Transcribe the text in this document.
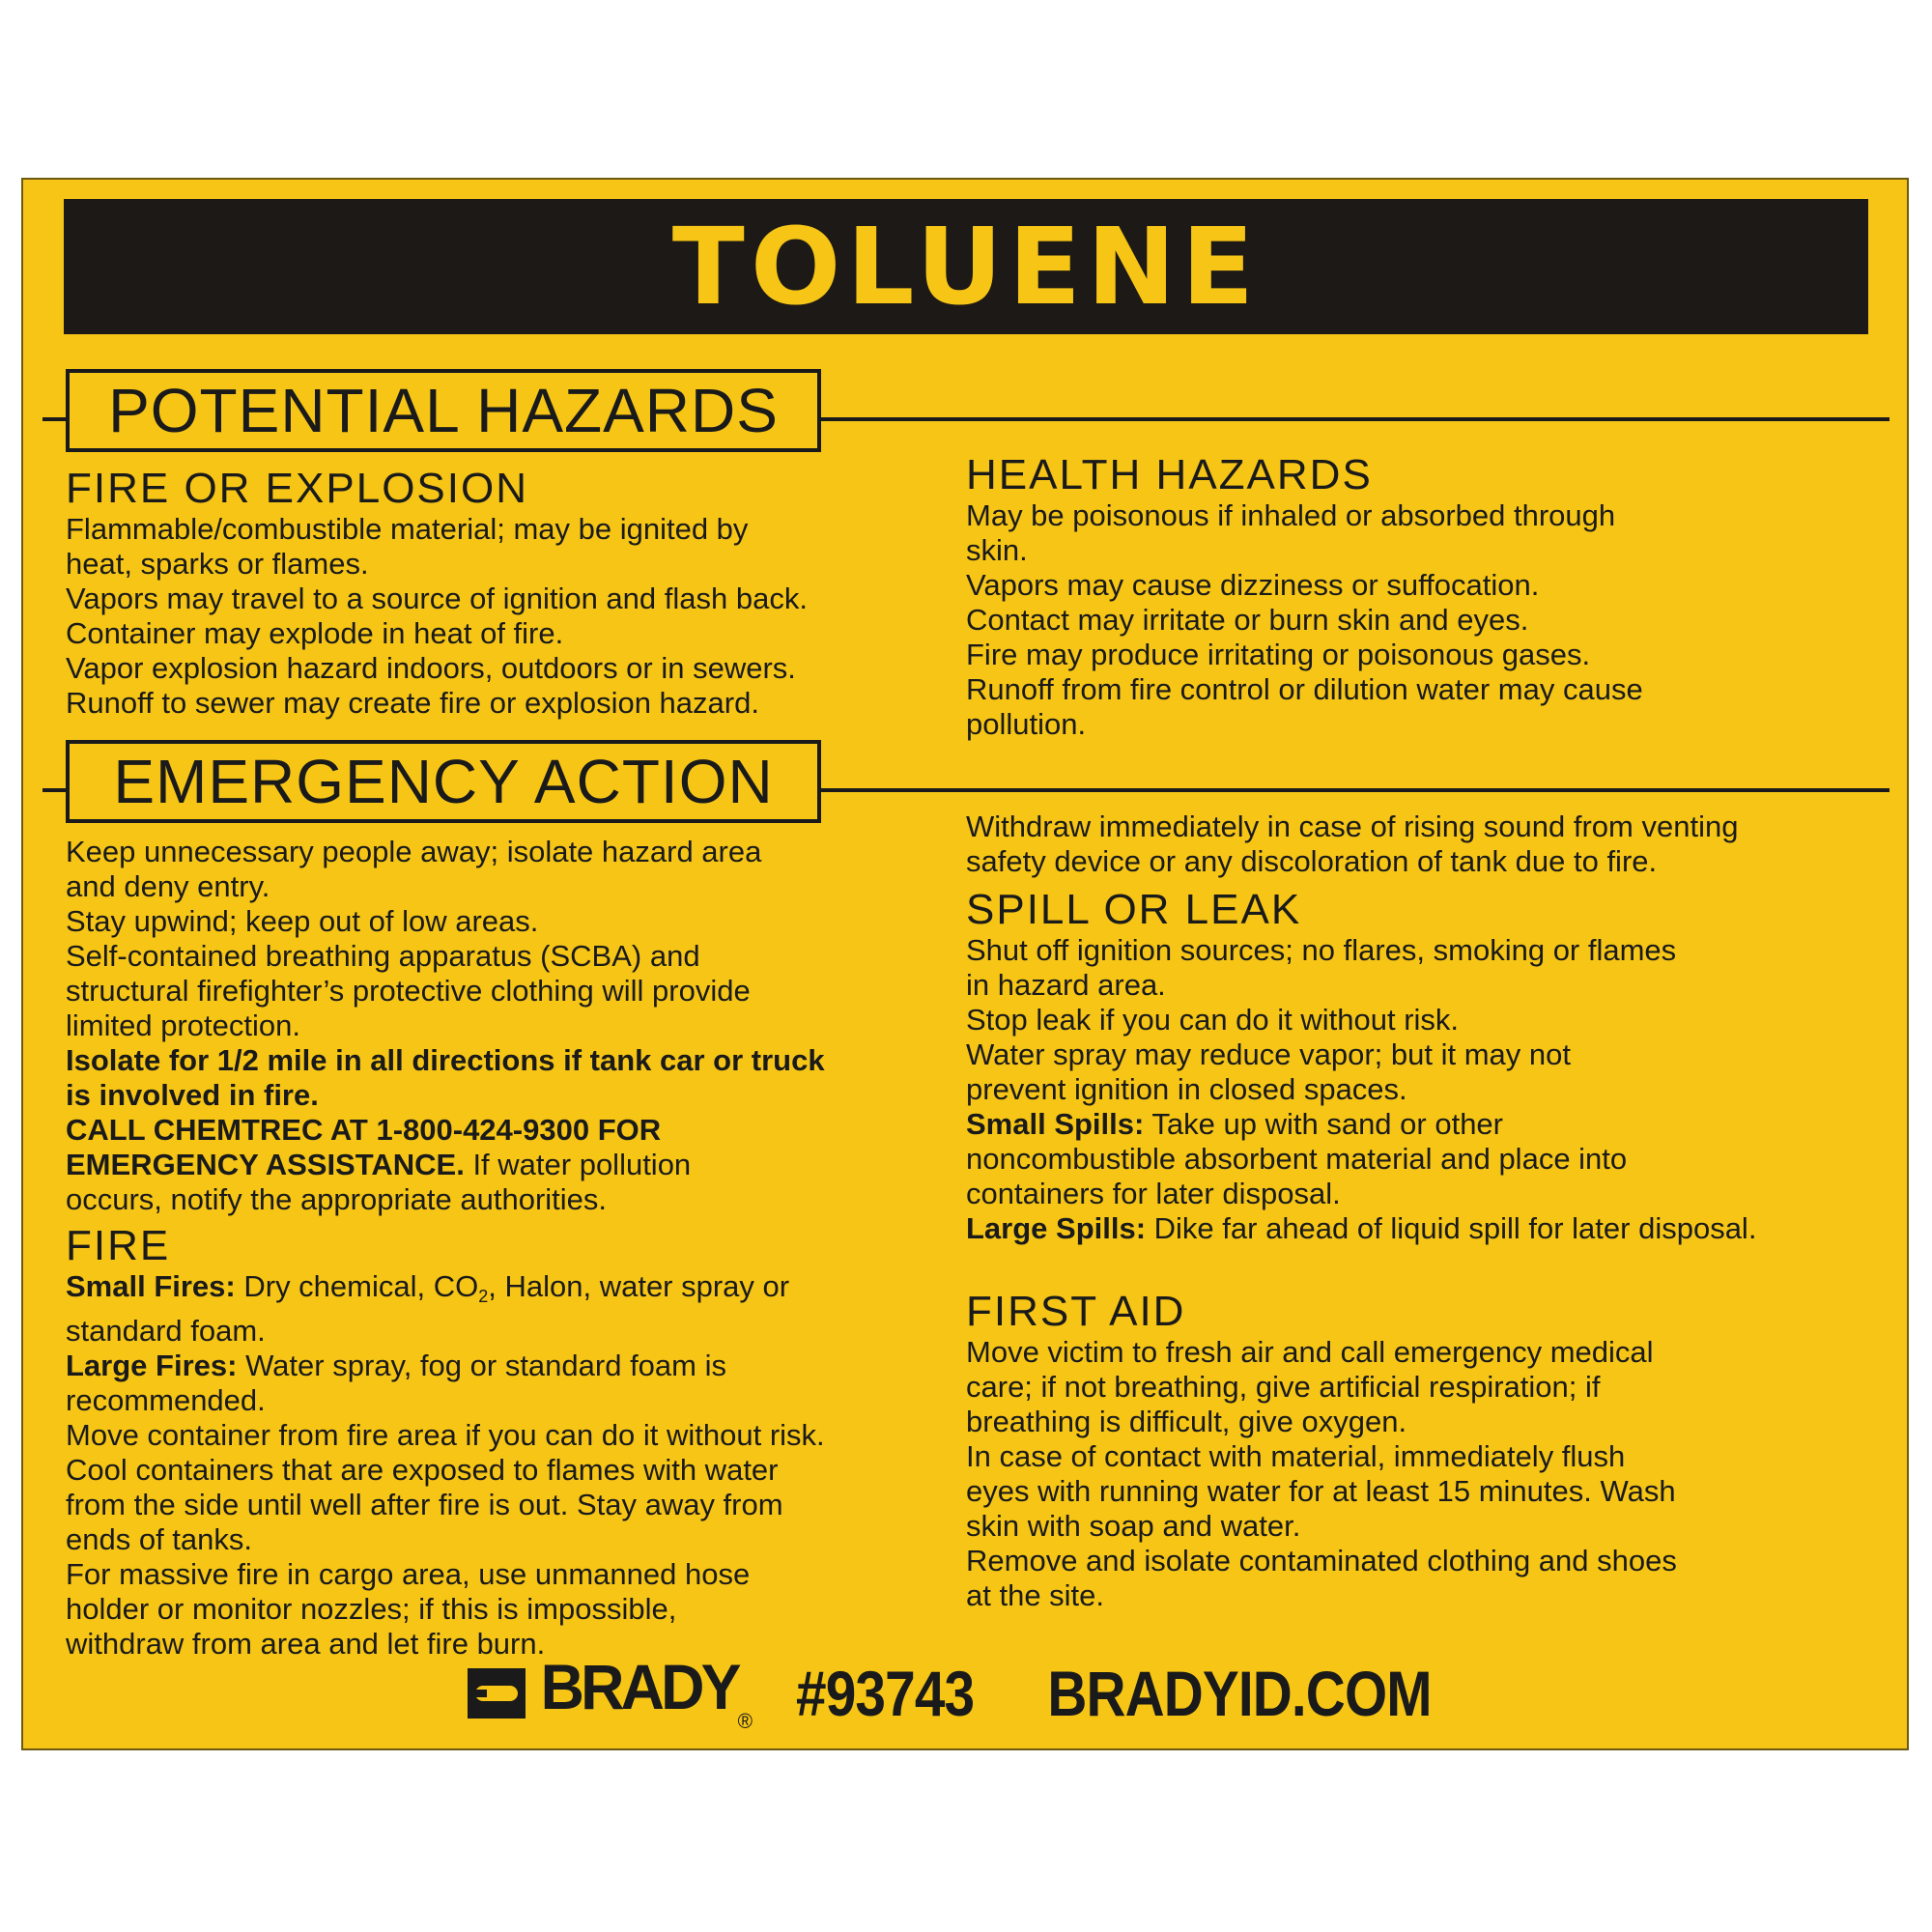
TOLUENE
POTENTIAL HAZARDS
FIRE OR EXPLOSION

Flammable/combustible material; may be ignited by

heat, sparks or flames.

Vapors may travel to a source of ignition and flash back.

Container may explode in heat of fire.

Vapor explosion hazard indoors, outdoors or in sewers.

Runoff to sewer may create fire or explosion hazard.

HEALTH HAZARDS

May be poisonous if inhaled or absorbed through

skin.

Vapors may cause dizziness or suffocation.

Contact may irritate or burn skin and eyes.

Fire may produce irritating or poisonous gases.

Runoff from fire control or dilution water may cause

pollution.

EMERGENCY ACTION

Keep unnecessary people away; isolate hazard area

and deny entry.

Stay upwind; keep out of low areas.

Self-contained breathing apparatus (SCBA) and

structural firefighter’s protective clothing will provide

limited protection.

Isolate for 1/2 mile in all directions if tank car or truck

is involved in fire.

CALL CHEMTREC AT 1-800-424-9300 FOR

EMERGENCY ASSISTANCE. If water pollution

occurs, notify the appropriate authorities.

FIRE

Small Fires: Dry chemical, $CO_2$, Halon, water spray or

standard foam.

Large Fires: Water spray, fog or standard foam is

recommended.

Move container from fire area if you can do it without risk.

Cool containers that are exposed to flames with water

from the side until well after fire is out. Stay away from

ends of tanks.

For massive fire in cargo area, use unmanned hose

holder or monitor nozzles; if this is impossible,

withdraw from area and let fire burn.

Withdraw immediately in case of rising sound from venting

safety device or any discoloration of tank due to fire.

SPILL OR LEAK

Shut off ignition sources; no flares, smoking or flames

in hazard area.

Stop leak if you can do it without risk.

Water spray may reduce vapor; but it may not

prevent ignition in closed spaces.

Small Spills: Take up with sand or other

noncombustible absorbent material and place into

containers for later disposal.

Large Spills: Dike far ahead of liquid spill for later disposal.

FIRST AID

Move victim to fresh air and call emergency medical

care; if not breathing, give artificial respiration; if

breathing is difficult, give oxygen.

In case of contact with material, immediately flush

eyes with running water for at least 15 minutes. Wash

skin with soap and water.

Remove and isolate contaminated clothing and shoes

at the site.

$BRADY_®$ #93743 BRADYID.COM
